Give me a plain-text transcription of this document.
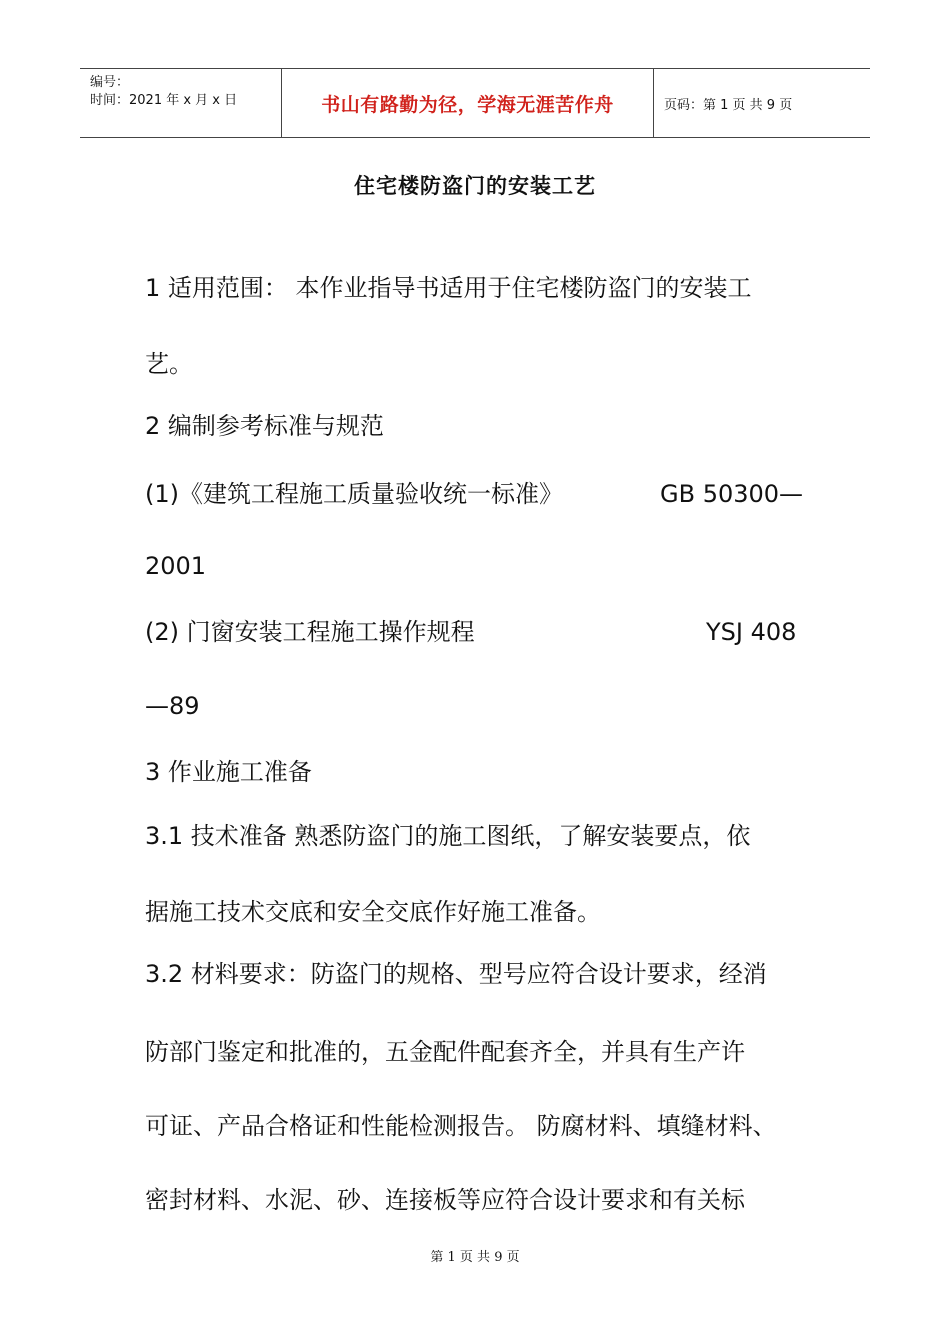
编号：
时间：2021 年 x 月 x 日	书山有路勤为径，学海无涯苦作舟	页码：第 1 页 共 9 页
住宅楼防盗门的安装工艺

1 适用范围： 本作业指导书适用于住宅楼防盗门的安装工

艺。

2 编制参考标准与规范

(1)《建筑工程施工质量验收统一标准》	GB 50300—

2001

(2) 门窗安装工程施工操作规程	YSJ 408

—89

3 作业施工准备

3.1 技术准备 熟悉防盗门的施工图纸，了解安装要点，依

据施工技术交底和安全交底作好施工准备。

3.2 材料要求：防盗门的规格、型号应符合设计要求，经消

防部门鉴定和批准的，五金配件配套齐全，并具有生产许

可证、产品合格证和性能检测报告。 防腐材料、填缝材料、

密封材料、水泥、砂、连接板等应符合设计要求和有关标

第 1 页 共 9 页
